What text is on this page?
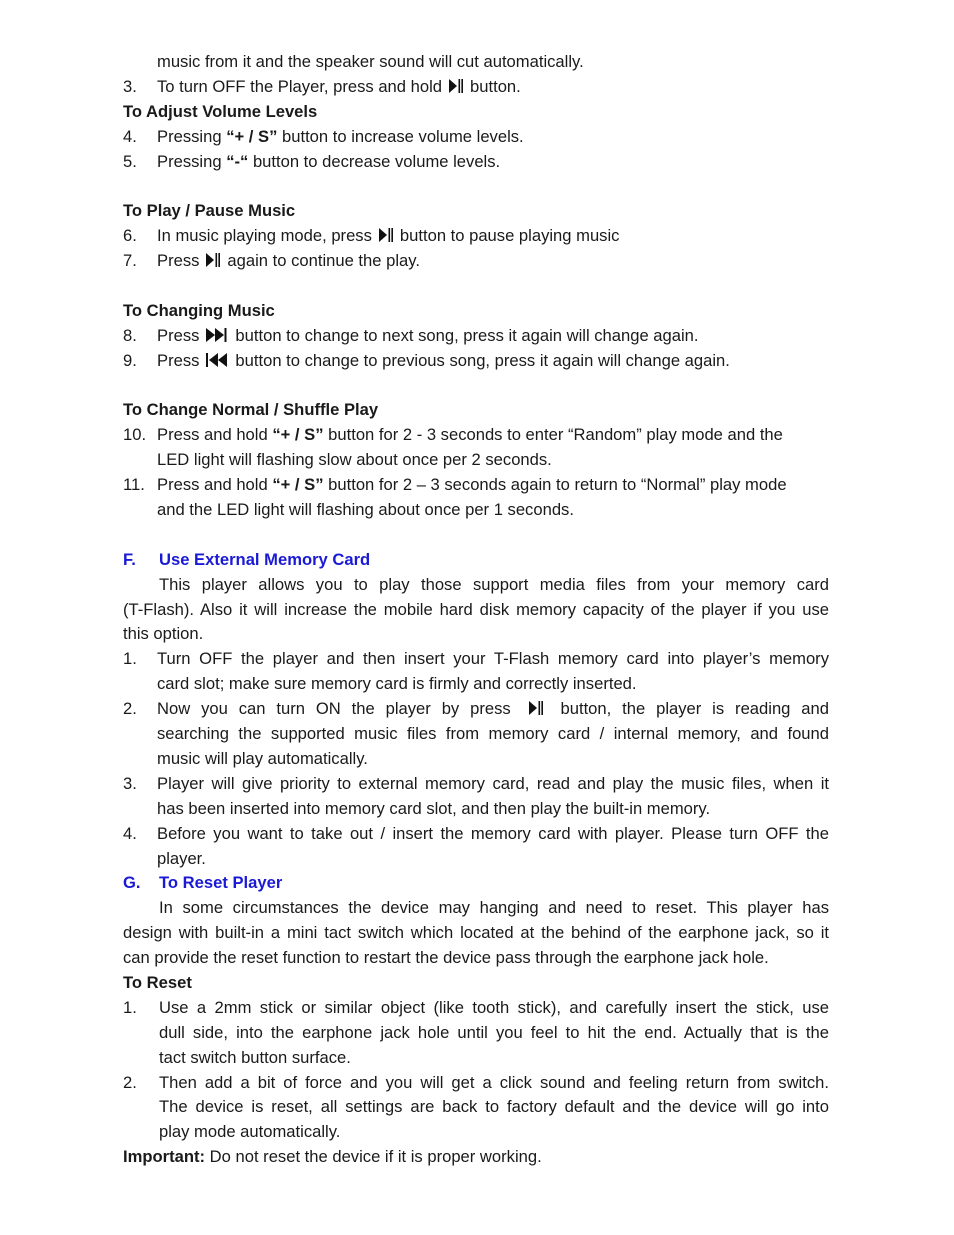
music from it and the speaker sound will cut automatically.
3.	To turn OFF the Player, press and hold button.
To Adjust Volume Levels
4.	Pressing “+ / S” button to increase volume levels.
5.	Pressing “-“ button to decrease volume levels.
To Play / Pause Music
6.	In music playing mode, press button to pause playing music
7.	Press again to continue the play.
To Changing Music
8.	Press button to change to next song, press it again will change again.
9.	Press button to change to previous song, press it again will change again.
To Change Normal / Shuffle Play
10. Press and hold “+ / S” button for 2 - 3 seconds to enter “Random” play mode and the
LED light will flashing slow about once per 2 seconds.
11. Press and hold “+ / S” button for 2 – 3 seconds again to return to “Normal” play mode
and the LED light will flashing about once per 1 seconds.
F. Use External Memory Card
This player allows you to play those support media files from your memory card
(T-Flash). Also it will increase the mobile hard disk memory capacity of the player if you use
this option.
1.	Turn OFF the player and then insert your T-Flash memory card into player’s memory
card slot; make sure memory card is firmly and correctly inserted.
2.	Now you can turn ON the player by press	button, the player is reading and
searching the supported music files from memory card / internal memory, and found
music will play automatically.
3.	Player will give priority to external memory card, read and play the music files, when it
has been inserted into memory card slot, and then play the built-in memory.
4.	Before you want to take out / insert the memory card with player. Please turn OFF the
player.
G. To Reset Player
In some circumstances the device may hanging and need to reset. This player has
design with built-in a mini tact switch which located at the behind of the earphone jack, so it
can provide the reset function to restart the device pass through the earphone jack hole.
To Reset
1.	Use a 2mm stick or similar object (like tooth stick), and carefully insert the stick, use
dull side, into the earphone jack hole until you feel to hit the end. Actually that is the
tact switch button surface.
2.	Then add a bit of force and you will get a click sound and feeling return from switch.
The device is reset, all settings are back to factory default and the device will go into
play mode automatically.
Important: Do not reset the device if it is proper working.
